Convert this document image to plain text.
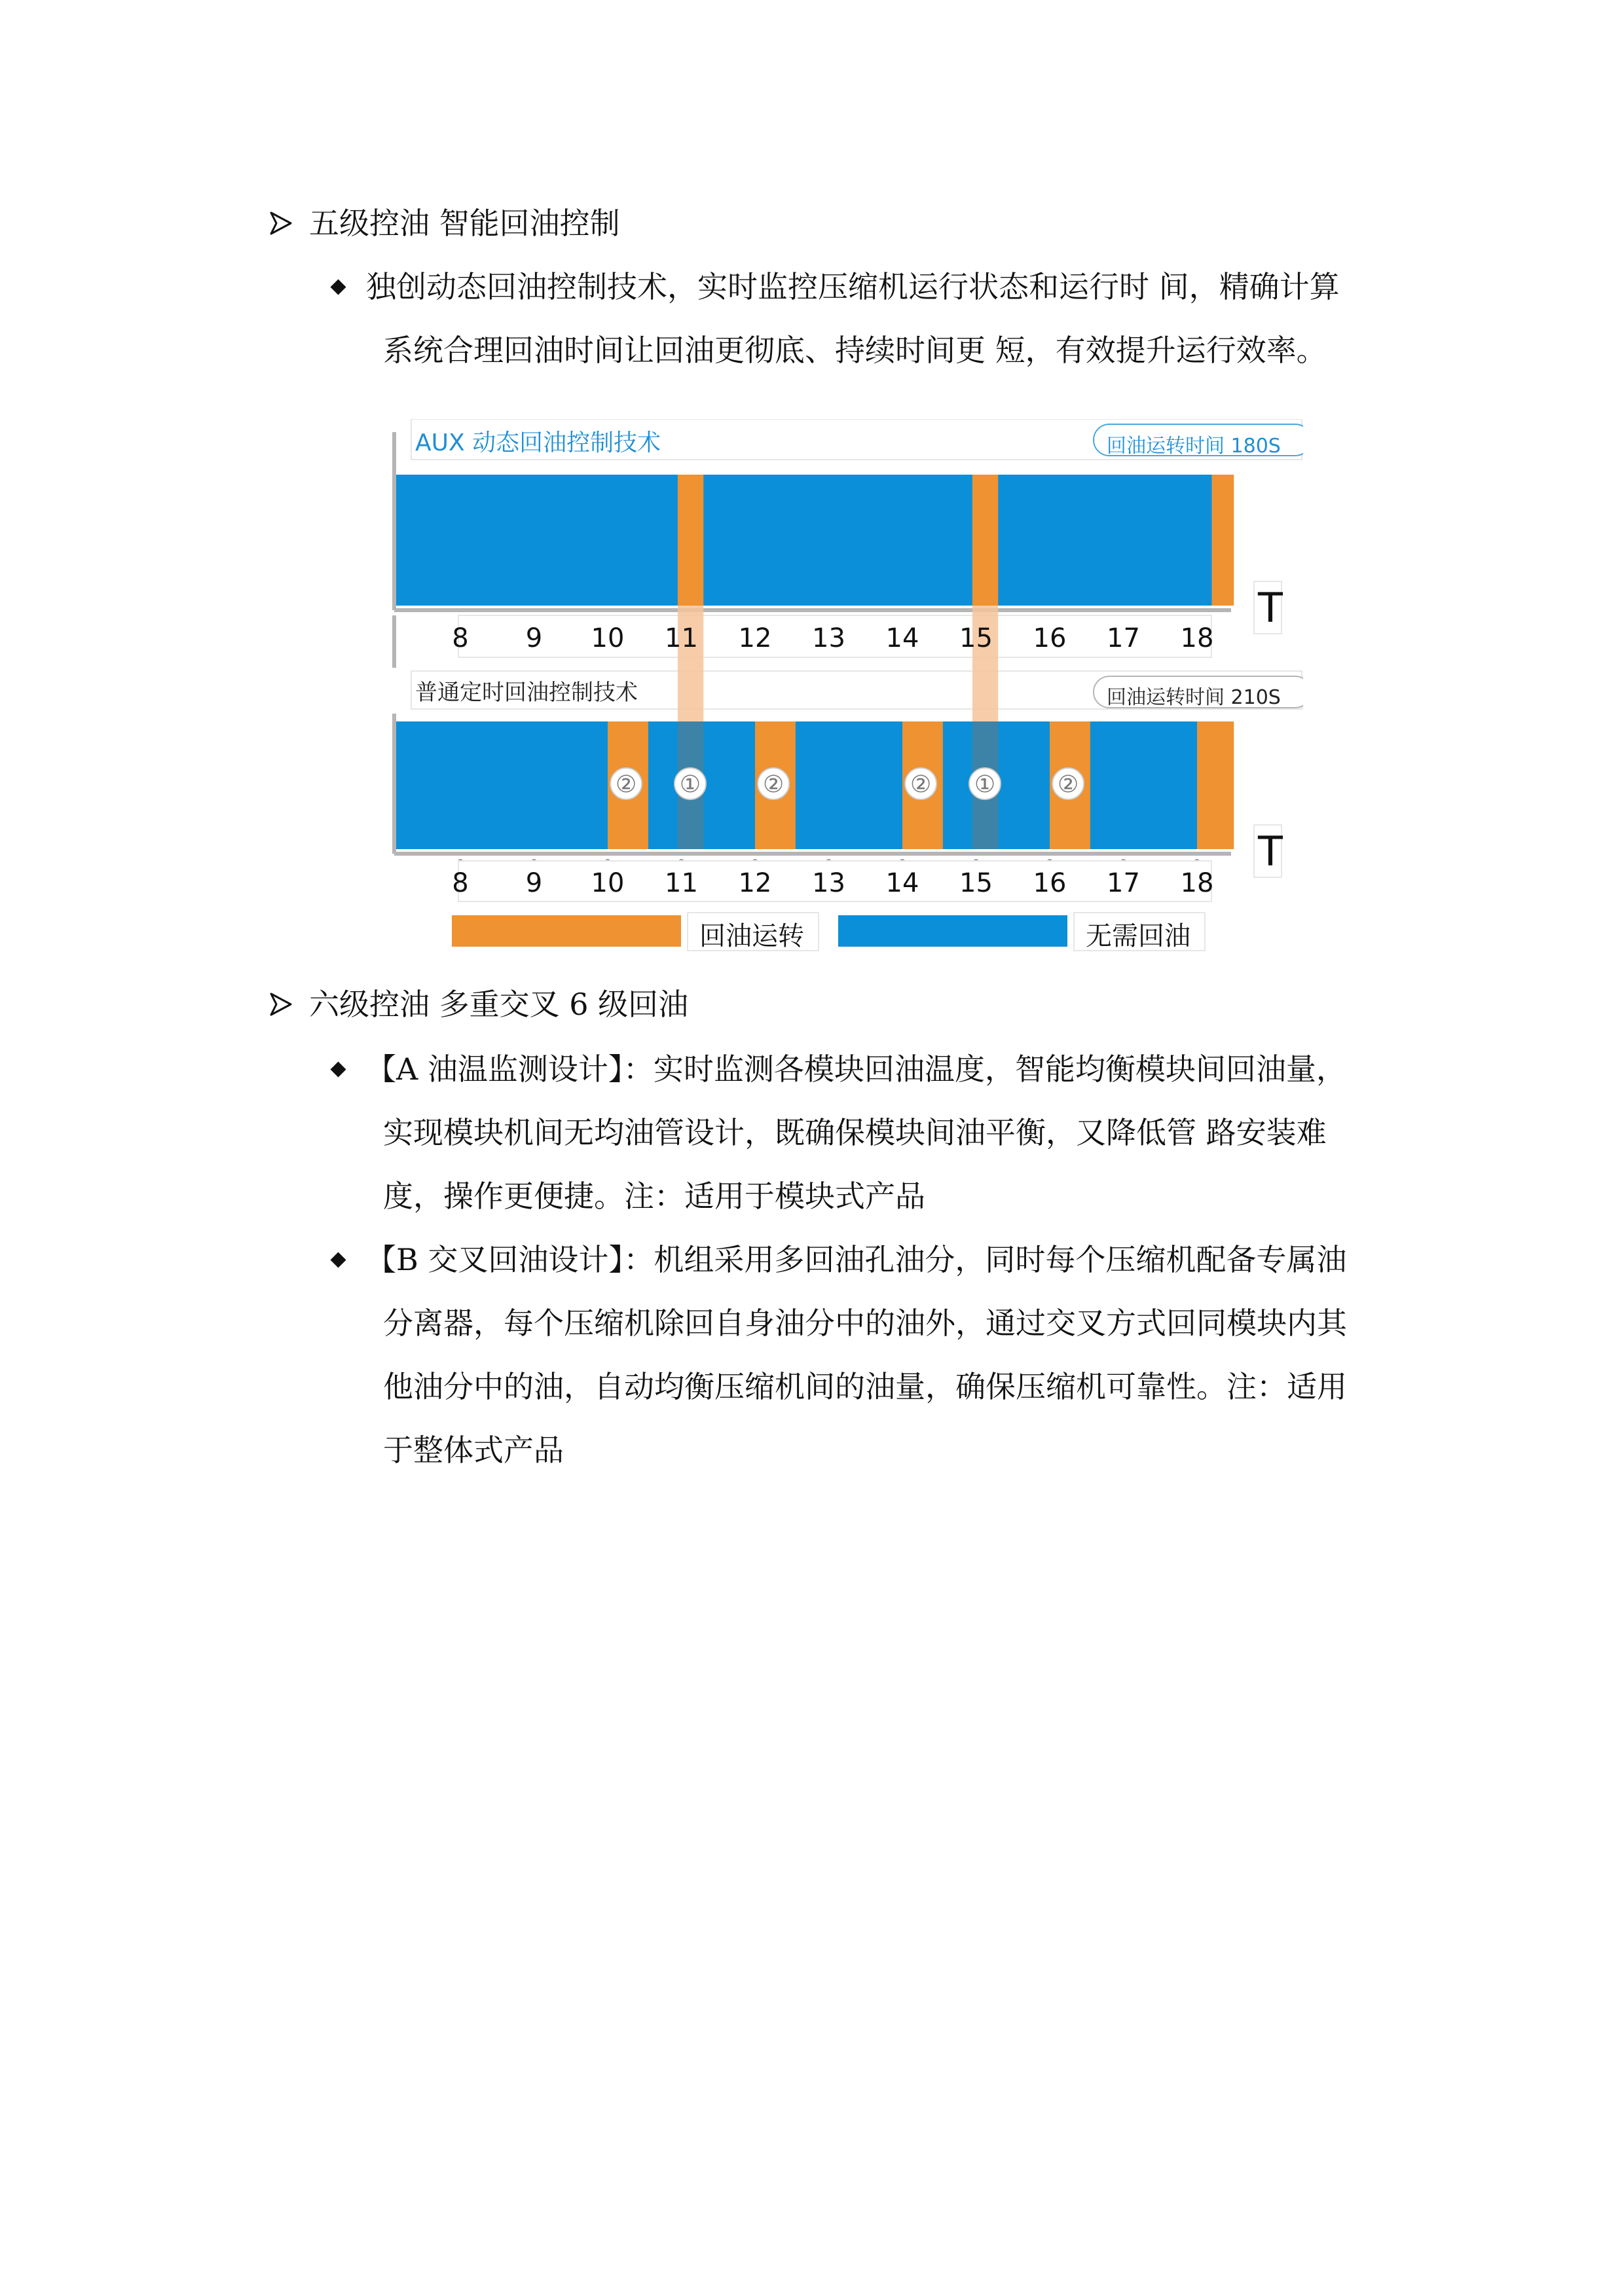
五级控油 智能回油控制
独创动态回油控制技术，实时监控压缩机运行状态和运行时 间，精确计算
系统合理回油时间让回油更彻底、持续时间更 短，有效提升运行效率。
② ①	②	② ①	②
AUX 动态回油控制技术	回油运转时间 180S
T
8	9	10	11	12	13	14	15	16	17	18
普通定时回油控制技术	回油运转时间 210S
T
8	9	10	11	12	13	14	15	16	17	18
回油运转	无需回油
六级控油 多重交叉 6 级回油
【A 油温监测设计】：实时监测各模块回油温度，智能均衡模块间回油量，
实现模块机间无均油管设计，既确保模块间油平衡，又降低管 路安装难
度，操作更便捷。注：适用于模块式产品
【B 交叉回油设计】：机组采用多回油孔油分，同时每个压缩机配备专属油
分离器，每个压缩机除回自身油分中的油外，通过交叉方式回同模块内其
他油分中的油，自动均衡压缩机间的油量，确保压缩机可靠性。注：适用
于整体式产品
